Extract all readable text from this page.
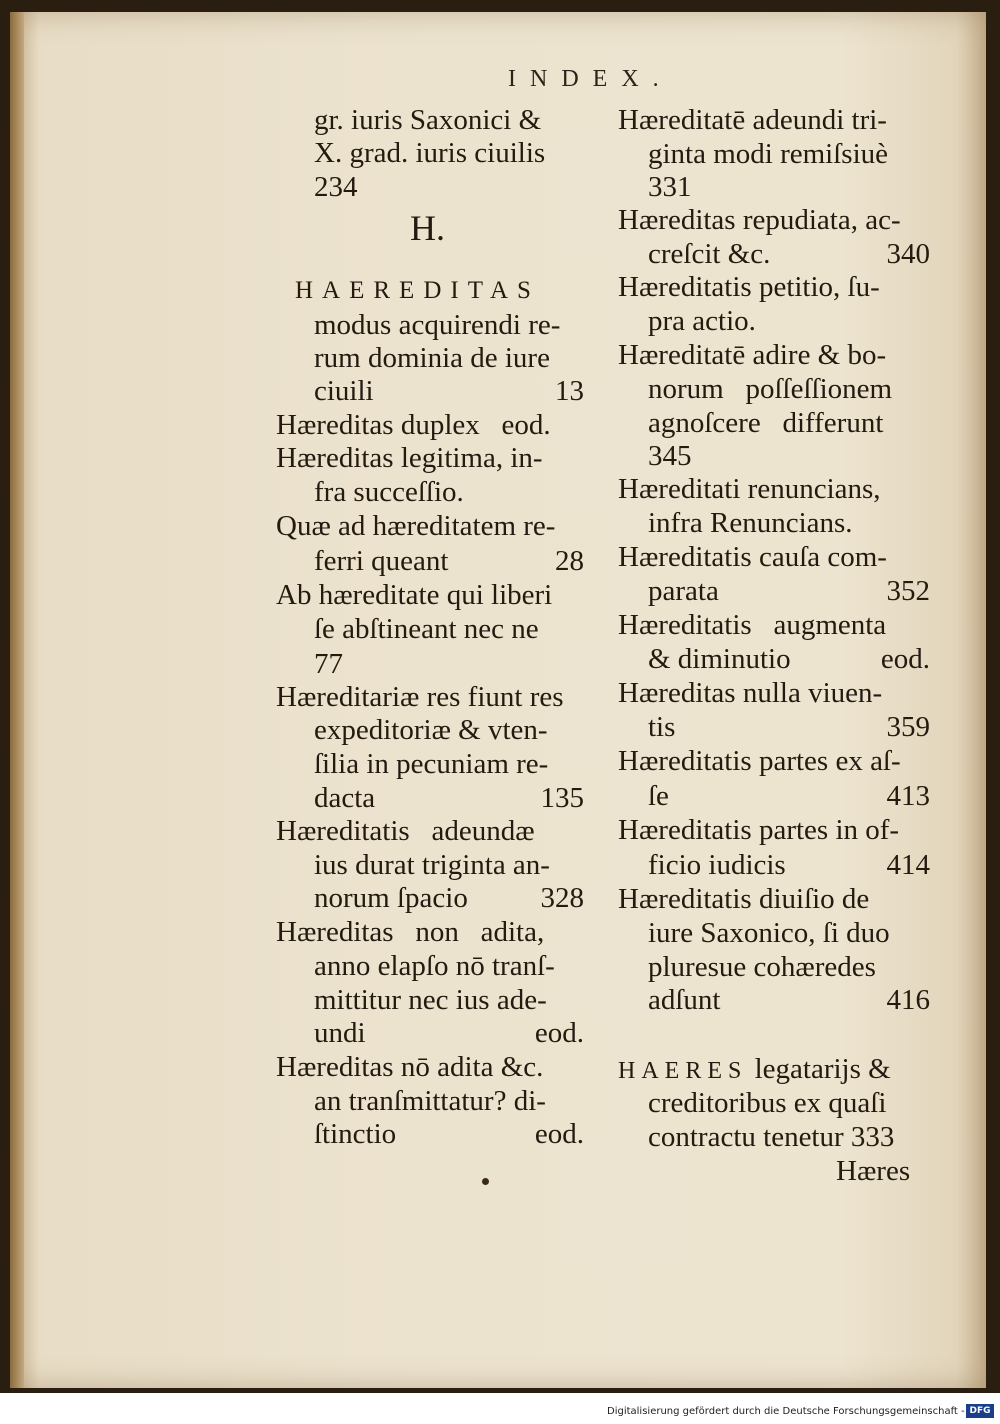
INDEX.
gr. iuris Saxonici &
X. grad. iuris ciuilis
234
H.
HAEREDITAS
modus acquirendi re-
rum dominia de iure
ciuili	13
Hæreditas duplex   eod.
Hæreditas legitima, in-
fra succeſſio.
Quæ ad hæreditatem re-
ferri queant	28
Ab hæreditate qui liberi
ſe abſtineant nec ne
77
Hæreditariæ res fiunt res
expeditoriæ & vten-
ſilia in pecuniam re-
dacta	135
Hæreditatis   adeundæ
ius durat triginta an-
norum ſpacio	328
Hæreditas   non   adita,
anno elapſo nō tranſ-
mittitur nec ius ade-
undi	eod.
Hæreditas nō adita &c.
an tranſmittatur? di-
ſtinctio	eod.
Hæreditatē adeundi tri-
ginta modi remiſsiuè
331
Hæreditas repudiata, ac-
creſcit &c.	340
Hæreditatis petitio, ſu-
pra actio.
Hæreditatē adire & bo-
norum   poſſeſſionem
agnoſcere   differunt
345
Hæreditati renuncians,
infra Renuncians.
Hæreditatis cauſa com-
parata	352
Hæreditatis   augmenta
& diminutio	eod.
Hæreditas nulla viuen-
tis	359
Hæreditatis partes ex aſ-
ſe	413
Hæreditatis partes in of-
ficio iudicis	414
Hæreditatis diuiſio de
iure Saxonico, ſi duo
pluresue cohæredes
adſunt	416
HAERES legatarijs &
creditoribus ex quaſi
contractu tenetur 333
Hæres
Digitalisierung gefördert durch die Deutsche Forschungsgemeinschaft - DFG
